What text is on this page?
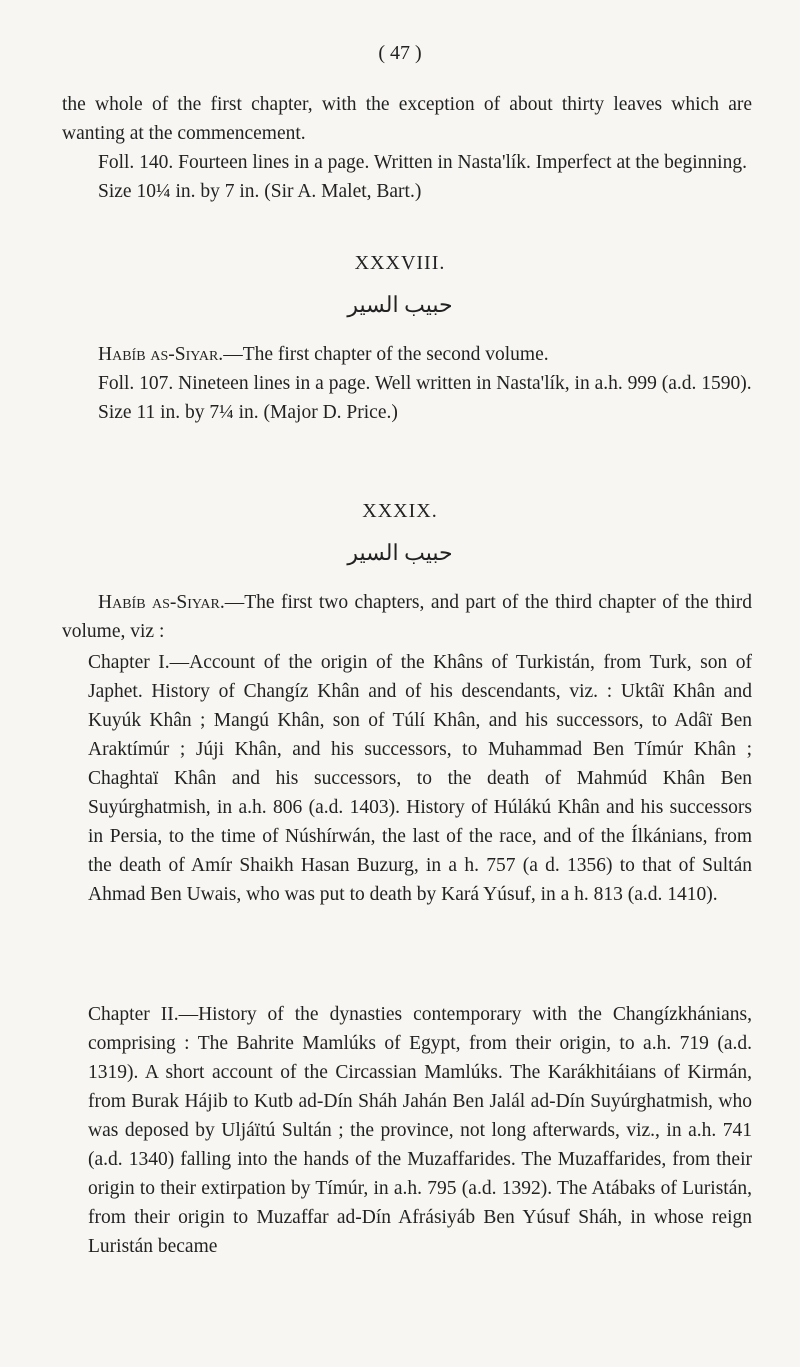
( 47 )

the whole of the first chapter, with the exception of about thirty leaves which are wanting at the commencement.

Foll. 140. Fourteen lines in a page. Written in Nasta'lík. Imperfect at the beginning.

Size 10¼ in. by 7 in. (Sir A. Malet, Bart.)

XXXVIII.
حبيب السير

Habíb as-Siyar.—The first chapter of the second volume.

Foll. 107. Nineteen lines in a page. Well written in Nasta'lík, in a.h. 999 (a.d. 1590).

Size 11 in. by 7¼ in. (Major D. Price.)

XXXIX.
حبيب السير

Habíb as-Siyar.—The first two chapters, and part of the third chapter of the third volume, viz :

Chapter I.—Account of the origin of the Khâns of Turkistán, from Turk, son of Japhet. History of Changíz Khân and of his descendants, viz. : Uktâï Khân and Kuyúk Khân ; Mangú Khân, son of Túlí Khân, and his successors, to Adâï Ben Araktímúr ; Júji Khân, and his successors, to Muhammad Ben Tímúr Khân ; Chaghtaï Khân and his successors, to the death of Mahmúd Khân Ben Suyúrghatmish, in a.h. 806 (a.d. 1403). History of Húlákú Khân and his successors in Persia, to the time of Núshírwán, the last of the race, and of the Ílkánians, from the death of Amír Shaikh Hasan Buzurg, in a h. 757 (a d. 1356) to that of Sultán Ahmad Ben Uwais, who was put to death by Kará Yúsuf, in a h. 813 (a.d. 1410).

Chapter II.—History of the dynasties contemporary with the Changízkhánians, comprising : The Bahrite Mamlúks of Egypt, from their origin, to a.h. 719 (a.d. 1319). A short account of the Circassian Mamlúks. The Karákhitáians of Kirmán, from Burak Hájib to Kutb ad-Dín Sháh Jahán Ben Jalál ad-Dín Suyúrghatmish, who was deposed by Uljáïtú Sultán ; the province, not long afterwards, viz., in a.h. 741 (a.d. 1340) falling into the hands of the Muzaffarides. The Muzaffarides, from their origin to their extirpation by Tímúr, in a.h. 795 (a.d. 1392). The Atábaks of Luristán, from their origin to Muzaffar ad-Dín Afrásiyáb Ben Yúsuf Sháh, in whose reign Luristán became
